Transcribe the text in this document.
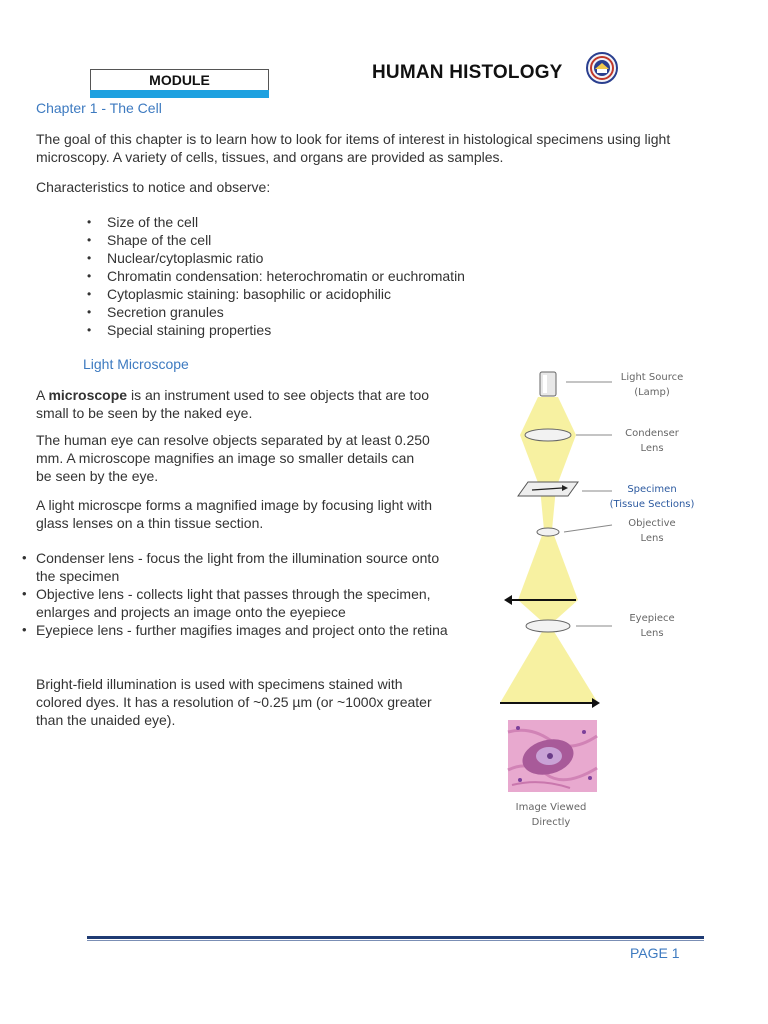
MODULE	HUMAN HISTOLOGY
Chapter 1 - The Cell

The goal of this chapter is to learn how to look for items of interest in histological specimens using light microscopy. A variety of cells, tissues, and organs are provided as samples.

Characteristics to notice and observe:

• Size of the cell
• Shape of the cell
• Nuclear/cytoplasmic ratio
• Chromatin condensation: heterochromatin or euchromatin
• Cytoplasmic staining: basophilic or acidophilic
• Secretion granules
• Special staining properties
Light Microscope

A microscope is an instrument used to see objects that are too small to be seen by the naked eye.

The human eye can resolve objects separated by at least 0.250 mm. A microscope magnifies an image so smaller details can be seen by the eye.

A light microscpe forms a magnified image by focusing light with glass lenses on a thin tissue section.

• Condenser lens - focus the light from the illumination source onto the specimen
• Objective lens - collects light that passes through the specimen, enlarges and projects an image onto the eyepiece
• Eyepiece lens - further magifies images and project onto the retina

Bright-field illumination is used with specimens stained with colored dyes. It has a resolution of ~0.25 µm (or ~1000x greater than the unaided eye).

Light Source
(Lamp)
Condenser
Lens
Specimen
(Tissue Sections)
Objective
Lens
Eyepiece
Lens
Image Viewed
Directly
PAGE 1
